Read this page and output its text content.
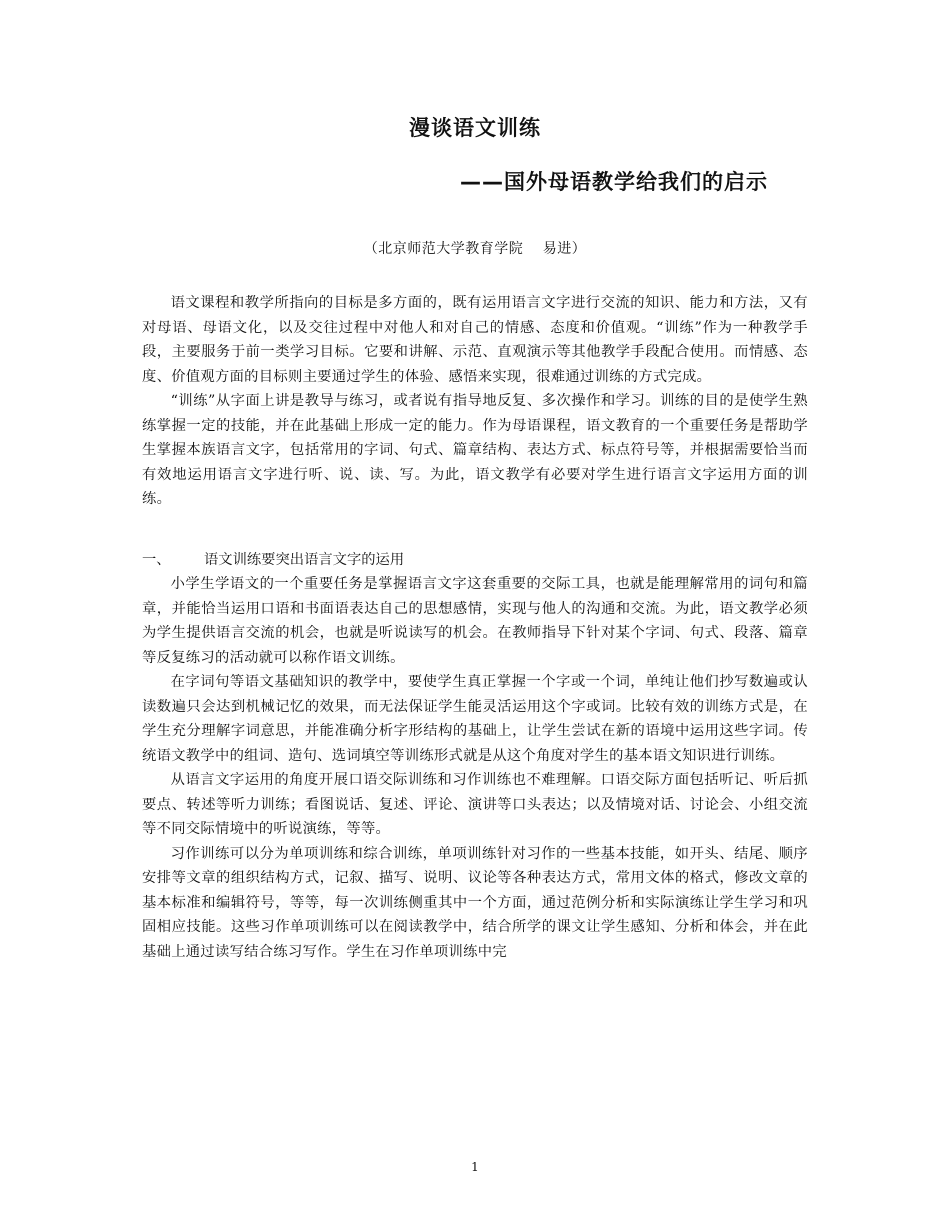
漫谈语文训练
——国外母语教学给我们的启示
（北京师范大学教育学院　 易进）

语文课程和教学所指向的目标是多方面的，既有运用语言文字进行交流的知识、能力和方法，又有对母语、母语文化，以及交往过程中对他人和对自己的情感、态度和价值观。“训练”作为一种教学手段，主要服务于前一类学习目标。它要和讲解、示范、直观演示等其他教学手段配合使用。而情感、态度、价值观方面的目标则主要通过学生的体验、感悟来实现，很难通过训练的方式完成。

“训练”从字面上讲是教导与练习，或者说有指导地反复、多次操作和学习。训练的目的是使学生熟练掌握一定的技能，并在此基础上形成一定的能力。作为母语课程，语文教育的一个重要任务是帮助学生掌握本族语言文字，包括常用的字词、句式、篇章结构、表达方式、标点符号等，并根据需要恰当而有效地运用语言文字进行听、说、读、写。为此，语文教学有必要对学生进行语言文字运用方面的训练。

一、 语文训练要突出语言文字的运用

小学生学语文的一个重要任务是掌握语言文字这套重要的交际工具，也就是能理解常用的词句和篇章，并能恰当运用口语和书面语表达自己的思想感情，实现与他人的沟通和交流。为此，语文教学必须为学生提供语言交流的机会，也就是听说读写的机会。在教师指导下针对某个字词、句式、段落、篇章等反复练习的活动就可以称作语文训练。

在字词句等语文基础知识的教学中，要使学生真正掌握一个字或一个词，单纯让他们抄写数遍或认读数遍只会达到机械记忆的效果，而无法保证学生能灵活运用这个字或词。比较有效的训练方式是，在学生充分理解字词意思，并能准确分析字形结构的基础上，让学生尝试在新的语境中运用这些字词。传统语文教学中的组词、造句、选词填空等训练形式就是从这个角度对学生的基本语文知识进行训练。

从语言文字运用的角度开展口语交际训练和习作训练也不难理解。口语交际方面包括听记、听后抓要点、转述等听力训练；看图说话、复述、评论、演讲等口头表达；以及情境对话、讨论会、小组交流等不同交际情境中的听说演练，等等。

习作训练可以分为单项训练和综合训练，单项训练针对习作的一些基本技能，如开头、结尾、顺序安排等文章的组织结构方式，记叙、描写、说明、议论等各种表达方式，常用文体的格式，修改文章的基本标准和编辑符号，等等，每一次训练侧重其中一个方面，通过范例分析和实际演练让学生学习和巩固相应技能。这些习作单项训练可以在阅读教学中，结合所学的课文让学生感知、分析和体会，并在此基础上通过读写结合练习写作。学生在习作单项训练中完

1
